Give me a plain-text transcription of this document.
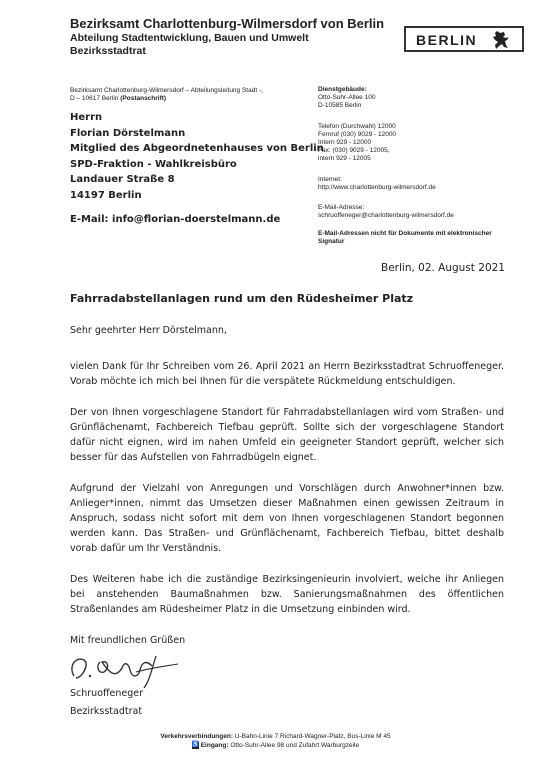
Bezirksamt Charlottenburg-Wilmersdorf von Berlin
Abteilung Stadtentwicklung, Bauen und Umwelt
Bezirksstadtrat
BERLIN
Bezirksamt Charlottenburg-Wilmersdorf – Abteilungsleitung Stadt -,
D – 10617 Berlin (Postanschrift)
Herrn
Florian Dörstelmann
Mitglied des Abgeordnetenhauses von Berlin
SPD-Fraktion - Wahlkreisbüro
Landauer Straße 8
14197 Berlin
E-Mail: info@florian-doerstelmann.de
Dienstgebäude:
Otto-Suhr-Allee 100
D-10585 Berlin
Telefon (Durchwahl) 12000
Fernruf (030) 9029 - 12000
Intern 929 - 12000
Fax: (030) 9029 - 12005,
intern 929 - 12005
Internet:
http://www.charlottenburg-wilmersdorf.de
E-Mail-Adresse:
schruoffeneger@charlottenburg-wilmersdorf.de
E-Mail-Adressen nicht für Dokumente mit elektronischer
Signatur
Berlin, 02. August 2021
Fahrradabstellanlagen rund um den Rüdesheimer Platz

Sehr geehrter Herr Dörstelmann,

vielen Dank für Ihr Schreiben vom 26. April 2021 an Herrn Bezirksstadtrat Schruoffeneger. Vorab möchte ich mich bei Ihnen für die verspätete Rückmeldung entschuldigen.

Der von Ihnen vorgeschlagene Standort für Fahrradabstellanlagen wird vom Straßen- und Grünflächenamt, Fachbereich Tiefbau geprüft. Sollte sich der vorgeschlagene Standort dafür nicht eignen, wird im nahen Umfeld ein geeigneter Standort geprüft, welcher sich besser für das Aufstellen von Fahrradbügeln eignet.

Aufgrund der Vielzahl von Anregungen und Vorschlägen durch Anwohner*innen bzw. Anlieger*innen, nimmt das Umsetzen dieser Maßnahmen einen gewissen Zeitraum in Anspruch, sodass nicht sofort mit dem von Ihnen vorgeschlagenen Standort begonnen werden kann. Das Straßen- und Grünflächenamt, Fachbereich Tiefbau, bittet deshalb vorab dafür um Ihr Verständnis.

Des Weiteren habe ich die zuständige Bezirksingenieurin involviert, welche ihr Anliegen bei anstehenden Baumaßnahmen bzw. Sanierungsmaßnahmen des öffentlichen Straßenlandes am Rüdesheimer Platz in die Umsetzung einbinden wird.

Mit freundlichen Grüßen
Schruoffeneger
Bezirksstadtrat
Verkehrsverbindungen: U-Bahn-Linie 7 Richard-Wagner-Platz, Bus-Linie M 45
♿ Eingang: Otto-Suhr-Allee 98 und Zufahrt Warburgzeile
